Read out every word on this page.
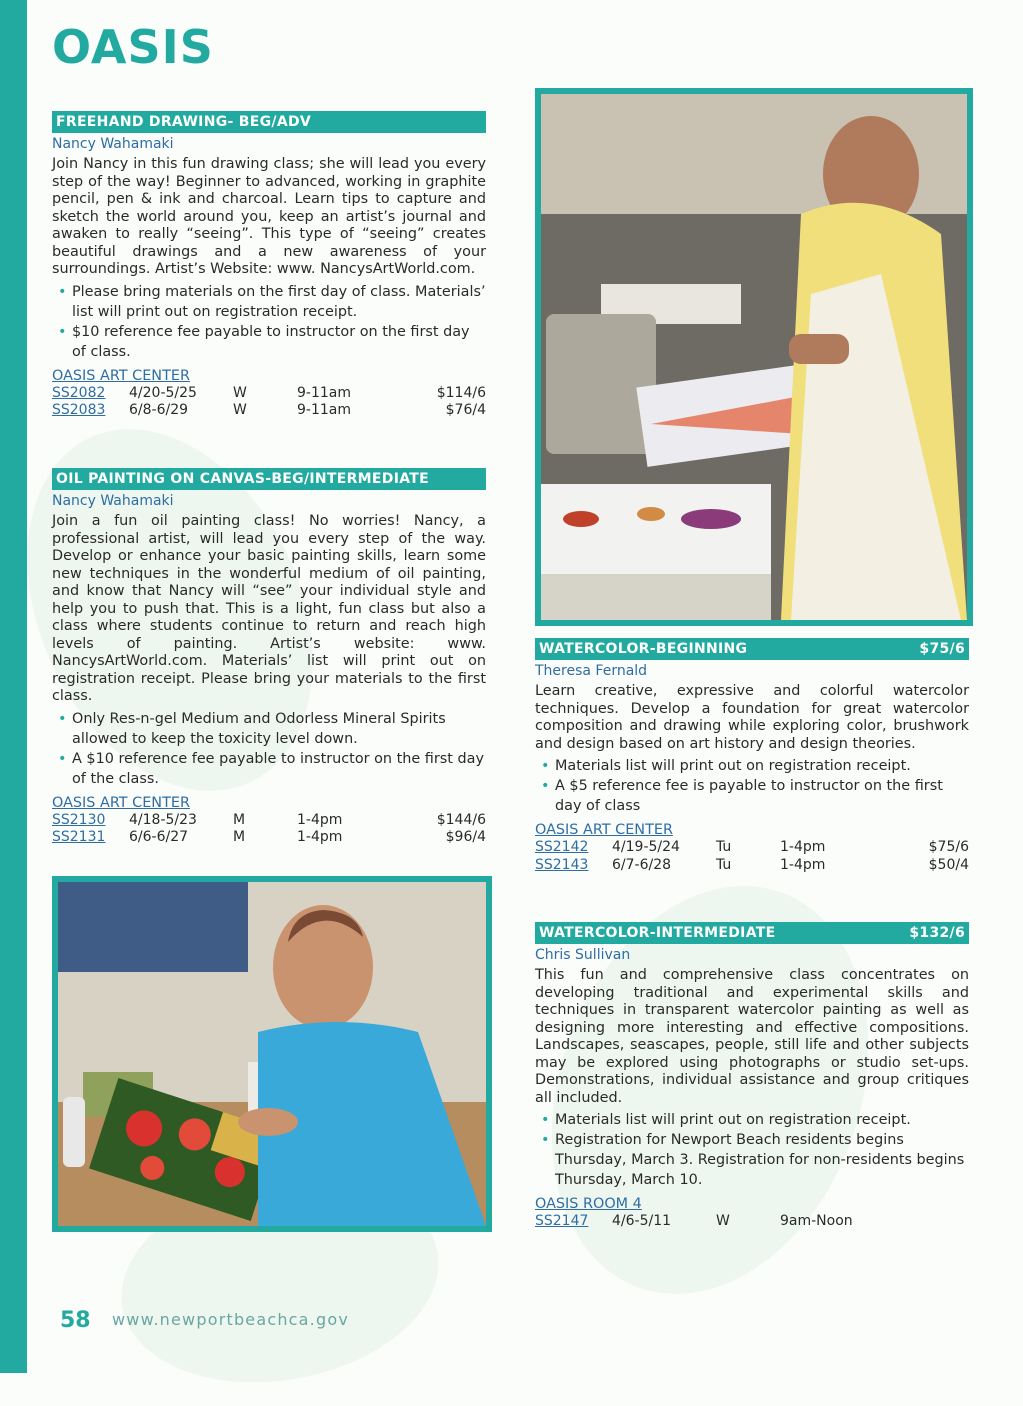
OASIS
FREEHAND DRAWING- BEG/ADV
Nancy Wahamaki

Join Nancy in this fun drawing class; she will lead you every step of the way! Beginner to advanced, working in graphite pencil, pen & ink and charcoal. Learn tips to capture and sketch the world around you, keep an artist’s journal and awaken to really “seeing”. This type of “seeing” creates beautiful drawings and a new awareness of your surroundings. Artist’s Website: www. NancysArtWorld.com.

• Please bring materials on the first day of class. Materials’ list will print out on registration receipt.
• $10 reference fee payable to instructor on the first day of class.
OASIS ART CENTER
SS2082	4/20-5/25	W	9-11am	$114/6
SS2083	6/8-6/29	W	9-11am	$76/4
OIL PAINTING ON CANVAS-BEG/INTERMEDIATE
Nancy Wahamaki

Join a fun oil painting class! No worries! Nancy, a professional artist, will lead you every step of the way. Develop or enhance your basic painting skills, learn some new techniques in the wonderful medium of oil painting, and know that Nancy will “see” your individual style and help you to push that. This is a light, fun class but also a class where students continue to return and reach high levels of painting. Artist’s website: www. NancysArtWorld.com. Materials’ list will print out on registration receipt. Please bring your materials to the first class.

• Only Res-n-gel Medium and Odorless Mineral Spirits allowed to keep the toxicity level down.
• A $10 reference fee payable to instructor on the first day of the class.
OASIS ART CENTER
SS2130	4/18-5/23	M	1-4pm	$144/6
SS2131	6/6-6/27	M	1-4pm	$96/4
WATERCOLOR-BEGINNING	$75/6
Theresa Fernald

Learn creative, expressive and colorful watercolor techniques. Develop a foundation for great watercolor composition and drawing while exploring color, brushwork and design based on art history and design theories.

• Materials list will print out on registration receipt.
• A $5 reference fee is payable to instructor on the first day of class
OASIS ART CENTER
SS2142	4/19-5/24	Tu	1-4pm	$75/6
SS2143	6/7-6/28	Tu	1-4pm	$50/4
WATERCOLOR-INTERMEDIATE	$132/6
Chris Sullivan

This fun and comprehensive class concentrates on developing traditional and experimental skills and techniques in transparent watercolor painting as well as designing more interesting and effective compositions. Landscapes, seascapes, people, still life and other subjects may be explored using photographs or studio set-ups. Demonstrations, individual assistance and group critiques all included.

• Materials list will print out on registration receipt.
• Registration for Newport Beach residents begins Thursday, March 3. Registration for non-residents begins Thursday, March 10.
OASIS ROOM 4
SS2147	4/6-5/11	W	9am-Noon
58 www.newportbeachca.gov
